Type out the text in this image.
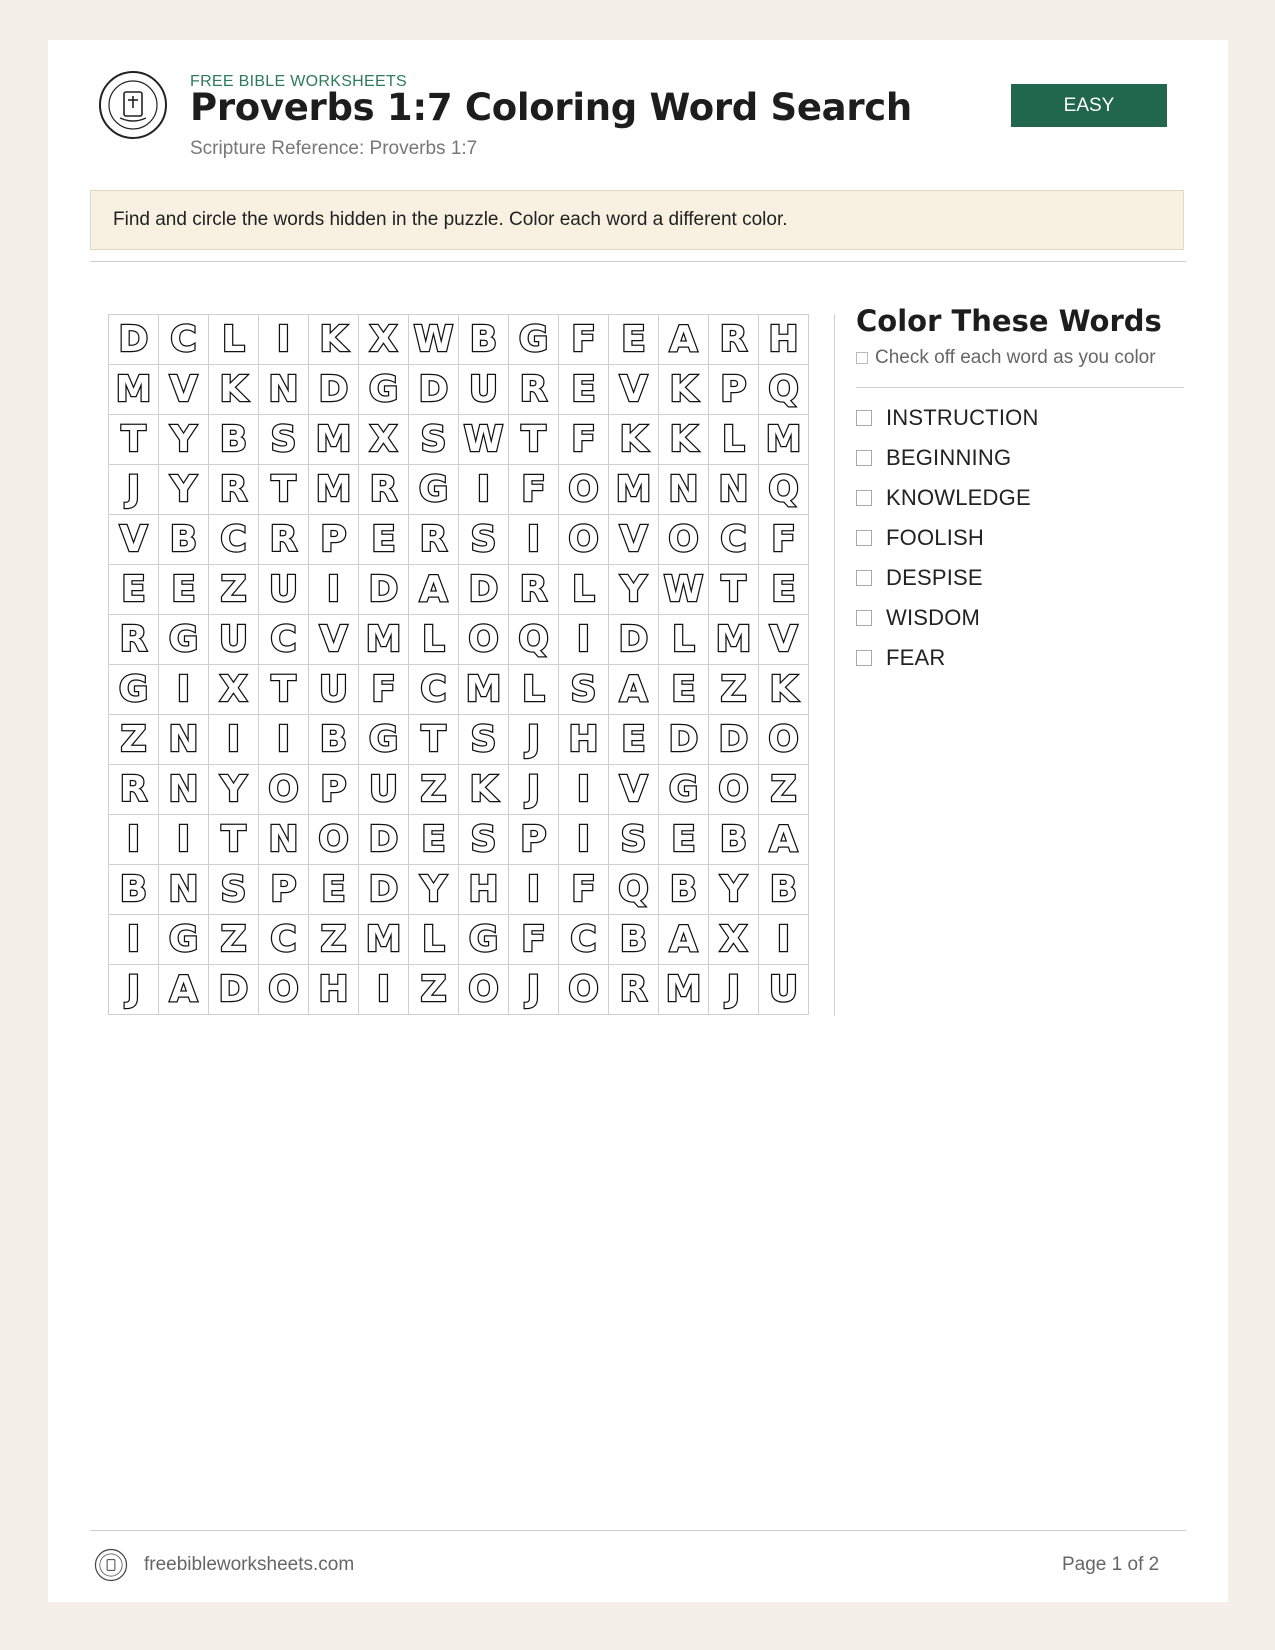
FREE BIBLE WORKSHEETS
Proverbs 1:7 Coloring Word Search
Scripture Reference: Proverbs 1:7
EASY
Find and circle the words hidden in the puzzle. Color each word a different color.
D	C	L	I	K	X	W	B	G	F	E	A	R	H
M	V	K	N	D	G	D	U	R	E	V	K	P	Q
T	Y	B	S	M	X	S	W	T	F	K	K	L	M
J	Y	R	T	M	R	G	I	F	O	M	N	N	Q
V	B	C	R	P	E	R	S	I	O	V	O	C	F
E	E	Z	U	I	D	A	D	R	L	Y	W	T	E
R	G	U	C	V	M	L	O	Q	I	D	L	M	V
G	I	X	T	U	F	C	M	L	S	A	E	Z	K
Z	N	I	I	B	G	T	S	J	H	E	D	D	O
R	N	Y	O	P	U	Z	K	J	I	V	G	O	Z
I	I	T	N	O	D	E	S	P	I	S	E	B	A
B	N	S	P	E	D	Y	H	I	F	Q	B	Y	B
I	G	Z	C	Z	M	L	G	F	C	B	A	X	I
J	A	D	O	H	I	Z	O	J	O	R	M	J	U
Color These Words
Check off each word as you color
INSTRUCTION
BEGINNING
KNOWLEDGE
FOOLISH
DESPISE
WISDOM
FEAR
freebibleworksheets.com	Page 1 of 2
